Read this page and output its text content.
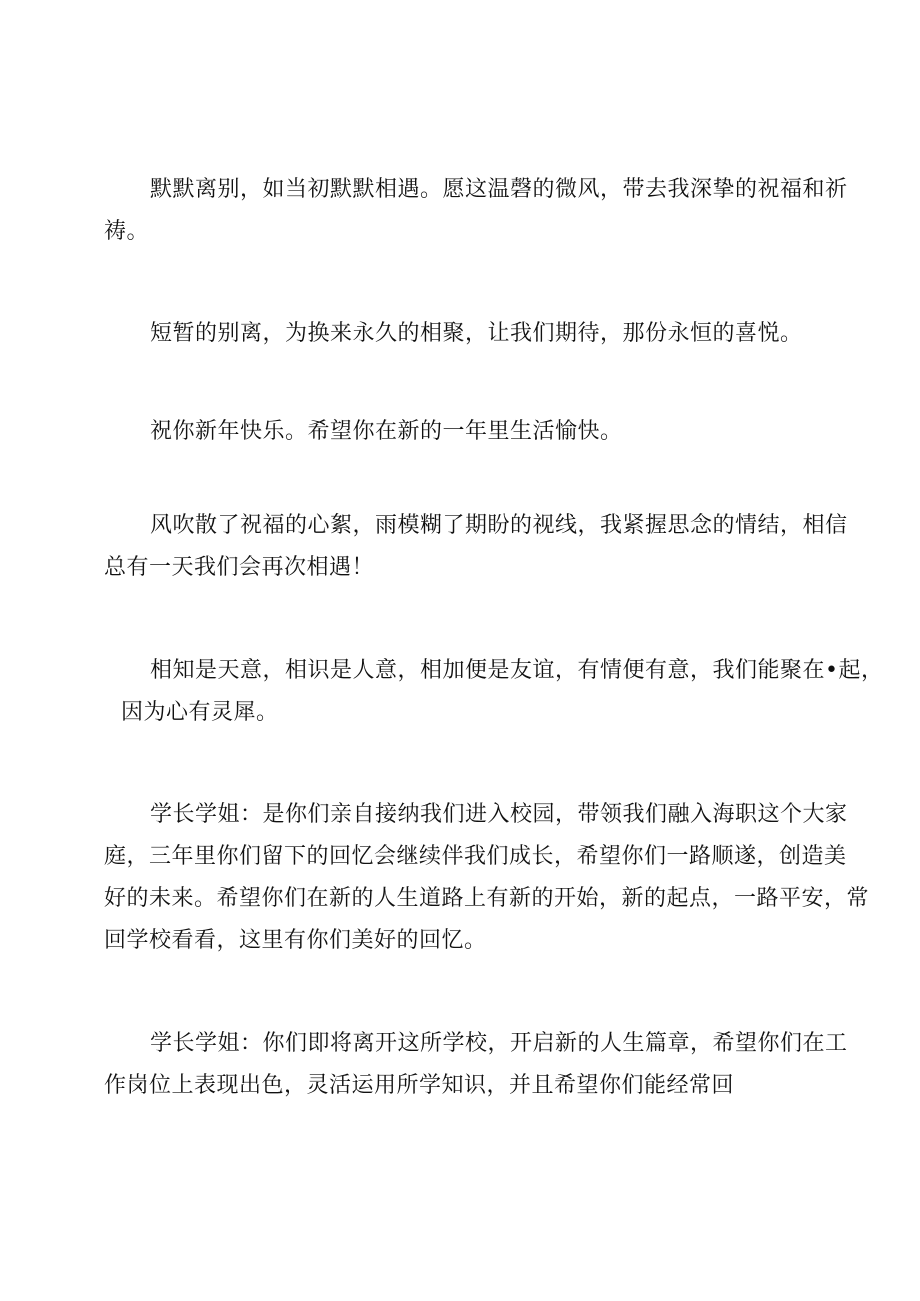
默默离别，如当初默默相遇。愿这温磬的微风，带去我深挚的祝福和祈
祷。

短暂的别离，为换来永久的相聚，让我们期待，那份永恒的喜悦。

祝你新年快乐。希望你在新的一年里生活愉快。

风吹散了祝福的心絮，雨模糊了期盼的视线，我紧握思念的情结，相信
总有一天我们会再次相遇！

相知是天意，相识是人意，相加便是友谊，有情便有意，我们能聚在•起，
因为心有灵犀。

学长学姐：是你们亲自接纳我们进入校园，带领我们融入海职这个大家
庭，三年里你们留下的回忆会继续伴我们成长，希望你们一路顺遂，创造美
好的未来。希望你们在新的人生道路上有新的开始，新的起点，一路平安，常
回学校看看，这里有你们美好的回忆。

学长学姐：你们即将离开这所学校，开启新的人生篇章，希望你们在工
作岗位上表现出色，灵活运用所学知识，并且希望你们能经常回
